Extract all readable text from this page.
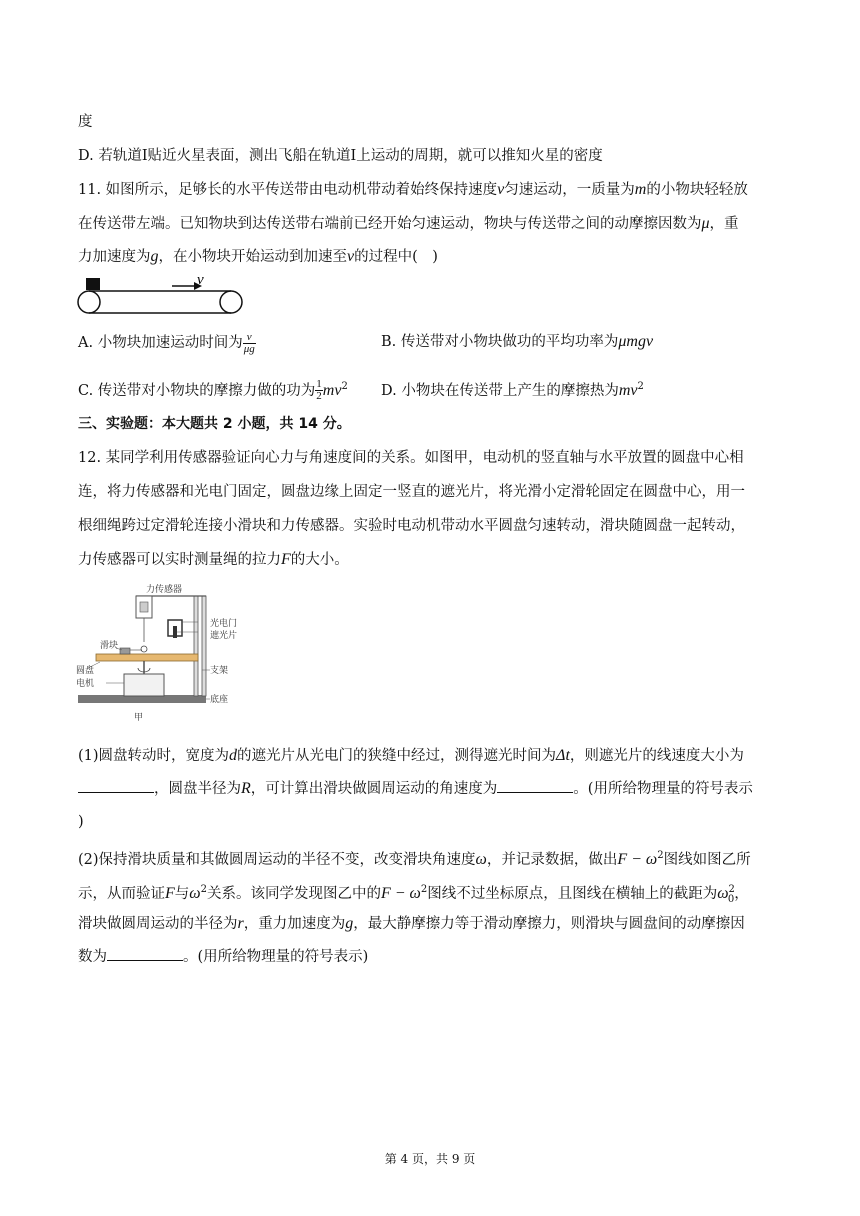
度
D. 若轨道Ⅰ贴近火星表面，测出飞船在轨道Ⅰ上运动的周期，就可以推知火星的密度
11. 如图所示，足够长的水平传送带由电动机带动着始终保持速度v匀速运动，一质量为m的小物块轻轻放
在传送带左端。已知物块到达传送带右端前已经开始匀速运动，物块与传送带之间的动摩擦因数为μ，重
力加速度为g，在小物块开始运动到加速至v的过程中(　)
v
A. 小物块加速运动时间为 $\frac{v}{\mu g}$	B. 传送带对小物块做功的平均功率为μmgv
C. 传送带对小物块的摩擦力做的功为 $\frac{1}{2} mv^2$ D. 小物块在传送带上产生的摩擦热为$mv^2$
三、实验题：本大题共 2 小题，共 14 分。
12. 某同学利用传感器验证向心力与角速度间的关系。如图甲，电动机的竖直轴与水平放置的圆盘中心相
连，将力传感器和光电门固定，圆盘边缘上固定一竖直的遮光片，将光滑小定滑轮固定在圆盘中心，用一
根细绳跨过定滑轮连接小滑块和力传感器。实验时电动机带动水平圆盘匀速转动，滑块随圆盘一起转动，
力传感器可以实时测量绳的拉力F的大小。
力传感器
光电门
遮光片
滑块
圆盘
电机
支架
底座
甲
(1)圆盘转动时，宽度为d的遮光片从光电门的狭缝中经过，测得遮光时间为Δt，则遮光片的线速度大小为
，圆盘半径为R，可计算出滑块做圆周运动的角速度为	。(用所给物理量的符号表示
)
(2)保持滑块质量和其做圆周运动的半径不变，改变滑块角速度ω，并记录数据，做出$F - \omega^2$图线如图乙所
示，从而验证F与$\omega^2$关系。该同学发现图乙中的$F - \omega^2$图线不过坐标原点，且图线在横轴上的截距为$\omega^2_0$，
滑块做圆周运动的半径为r，重力加速度为g，最大静摩擦力等于滑动摩擦力，则滑块与圆盘间的动摩擦因
数为	。(用所给物理量的符号表示)
第 4 页，共 9 页
